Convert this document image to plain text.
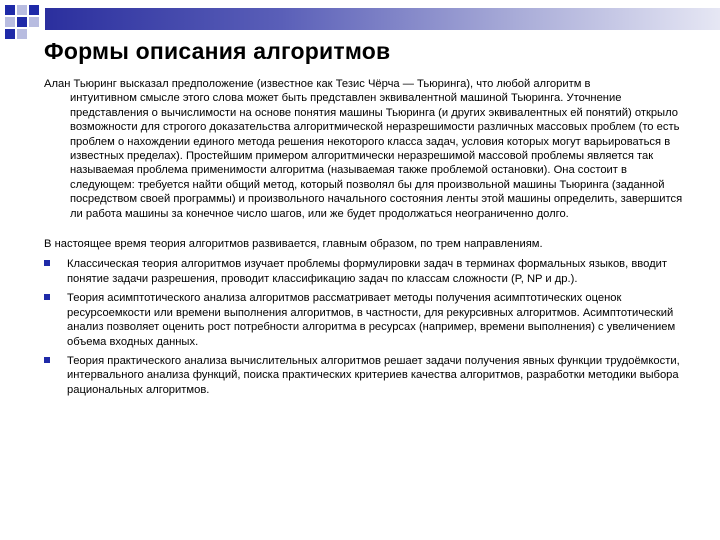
Формы описания алгоритмов

Алан Тьюринг высказал предположение (известное как Тезис Чёрча — Тьюринга), что любой алгоритм в
интуитивном смысле этого слова может быть представлен эквивалентной машиной Тьюринга. Уточнение представления о вычислимости на основе понятия машины Тьюринга (и других эквивалентных ей понятий) открыло возможности для строгого доказательства алгоритмической неразрешимости различных массовых проблем (то есть проблем о нахождении единого метода решения некоторого класса задач, условия которых могут варьироваться в известных пределах). Простейшим примером алгоритмически неразрешимой массовой проблемы является так называемая проблема применимости алгоритма (называемая также проблемой остановки). Она состоит в следующем: требуется найти общий метод, который позволял бы для произвольной машины Тьюринга (заданной посредством своей программы) и произвольного начального состояния ленты этой машины определить, завершится ли работа машины за конечное число шагов, или же будет продолжаться неограниченно долго.

В настоящее время теория алгоритмов развивается, главным образом, по трем направлениям.

Классическая теория алгоритмов изучает проблемы формулировки задач в терминах формальных языков, вводит понятие задачи разрешения, проводит классификацию задач по классам сложности (P, NP и др.).
Теория асимптотического анализа алгоритмов рассматривает методы получения асимптотических оценок ресурсоемкости или времени выполнения алгоритмов, в частности, для рекурсивных алгоритмов. Асимптотический анализ позволяет оценить рост потребности алгоритма в ресурсах (например, времени выполнения) с увеличением объема входных данных.
Теория практического анализа вычислительных алгоритмов решает задачи получения явных функции трудоёмкости, интервального анализа функций, поиска практических критериев качества алгоритмов, разработки методики выбора рациональных алгоритмов.
